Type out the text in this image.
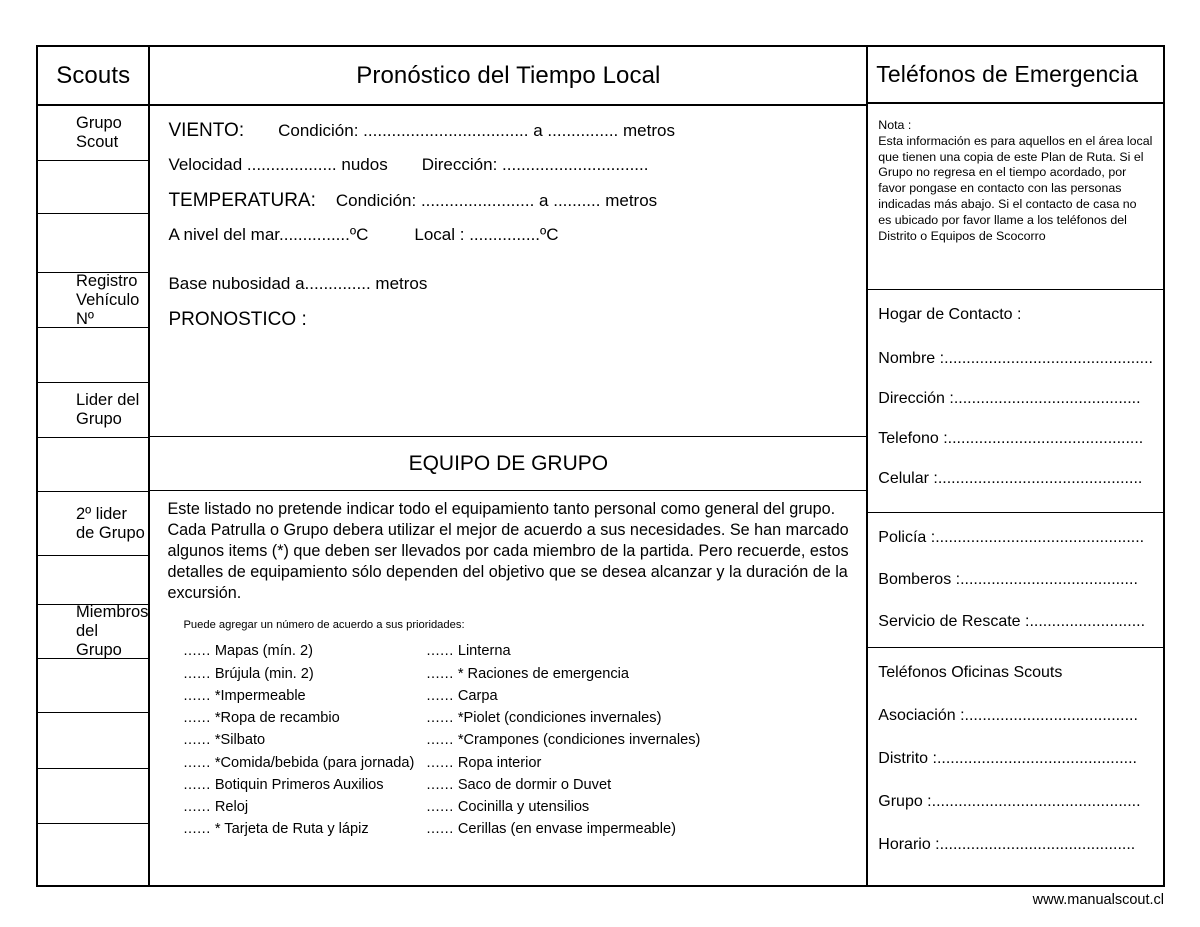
Scouts
Grupo Scout
Registro Vehículo Nº
Lider del Grupo
2º lider de Grupo
Miembros del Grupo
Pronóstico del Tiempo Local
VIENTO: Condición: ................................... a ............... metros
Velocidad ................... nudos Dirección: ...............................
TEMPERATURA: Condición: ........................ a .......... metros
A nivel del mar...............ºC	Local : ...............ºC
Base nubosidad a.............. metros
PRONOSTICO :
EQUIPO DE GRUPO
Este listado no pretende indicar todo el equipamiento tanto personal como general del grupo. Cada Patrulla o Grupo debera utilizar el mejor de acuerdo a sus necesidades. Se han marcado algunos items (*) que deben ser llevados por cada miembro de la partida. Pero recuerde, estos detalles de equipamiento sólo dependen del objetivo que se desea alcanzar y la duración de la excursión.
Puede agregar un número de acuerdo a sus prioridades:
...... Mapas (mín. 2)
...... Brújula (min. 2)
...... *Impermeable
...... *Ropa de recambio
...... *Silbato
...... *Comida/bebida (para jornada)
...... Botiquin Primeros Auxilios
...... Reloj
...... * Tarjeta de Ruta y lápiz
...... Linterna
...... * Raciones de emergencia
...... Carpa
...... *Piolet (condiciones invernales)
...... *Crampones (condiciones invernales)
...... Ropa interior
...... Saco de dormir o Duvet
...... Cocinilla y utensilios
...... Cerillas (en envase impermeable)
Teléfonos de Emergencia
Nota :
Esta información es para aquellos en el área local que tienen una copia de este Plan de Ruta. Si el Grupo no regresa en el tiempo acordado, por favor pongase en contacto con las personas indicadas más abajo. Si el contacto de casa no es ubicado por favor llame a los teléfonos del Distrito o Equipos de Scocorro
Hogar de Contacto :
Nombre :...............................................
Dirección :..........................................
Telefono :............................................
Celular :..............................................
Policía :...............................................
Bomberos :........................................
Servicio de Rescate :..........................
Teléfonos Oficinas Scouts
Asociación :.......................................
Distrito :.............................................
Grupo :...............................................
Horario :............................................
www.manualscout.cl
